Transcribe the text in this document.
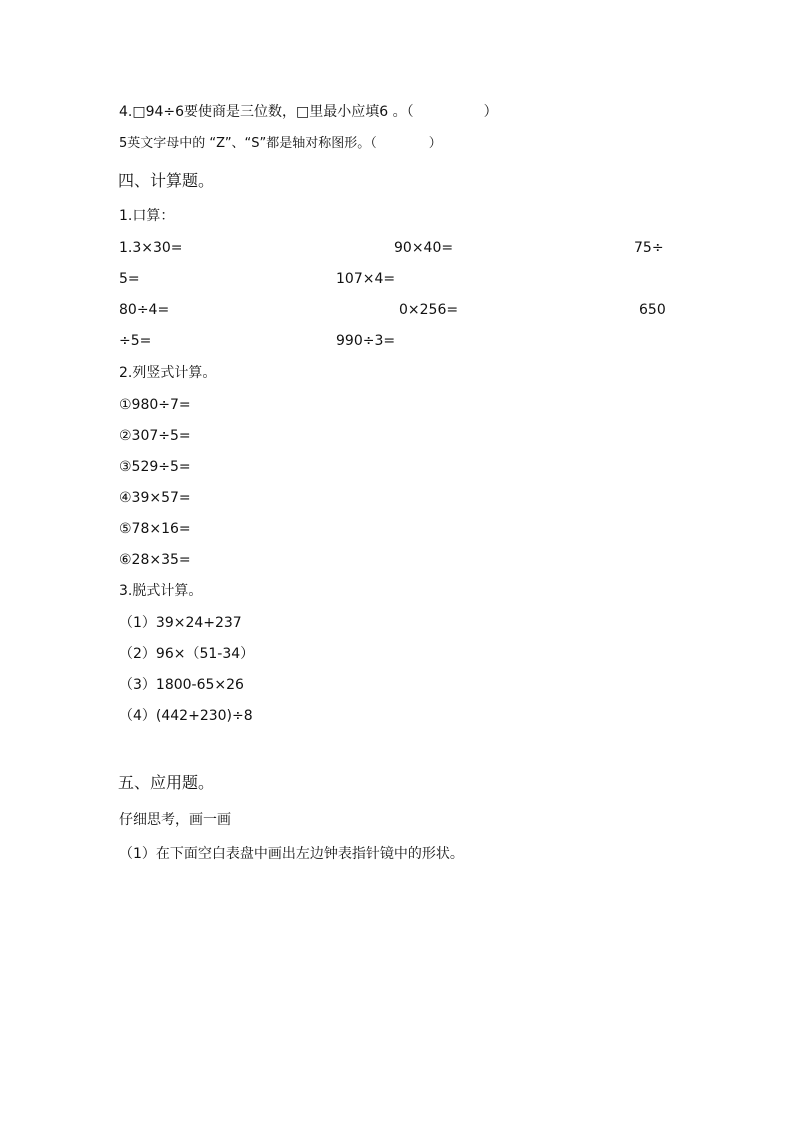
4.□94÷6要使商是三位数，□里最小应填6 。（　　　　　）
5英文字母中的 “Z”、“S”都是轴对称图形。（　　　　）
四、计算题。
1.口算：
1.3×30=	90×40=	75÷
5=	107×4=
80÷4=	0×256=	650
÷5=	990÷3=
2.列竖式计算。
①980÷7=
②307÷5=
③529÷5=
④39×57=
⑤78×16=
⑥28×35=
3.脱式计算。
（1）39×24+237
（2）96×（51-34）
（3）1800-65×26
（4）(442+230)÷8
五、应用题。
仔细思考，画一画
（1）在下面空白表盘中画出左边钟表指针镜中的形状。
